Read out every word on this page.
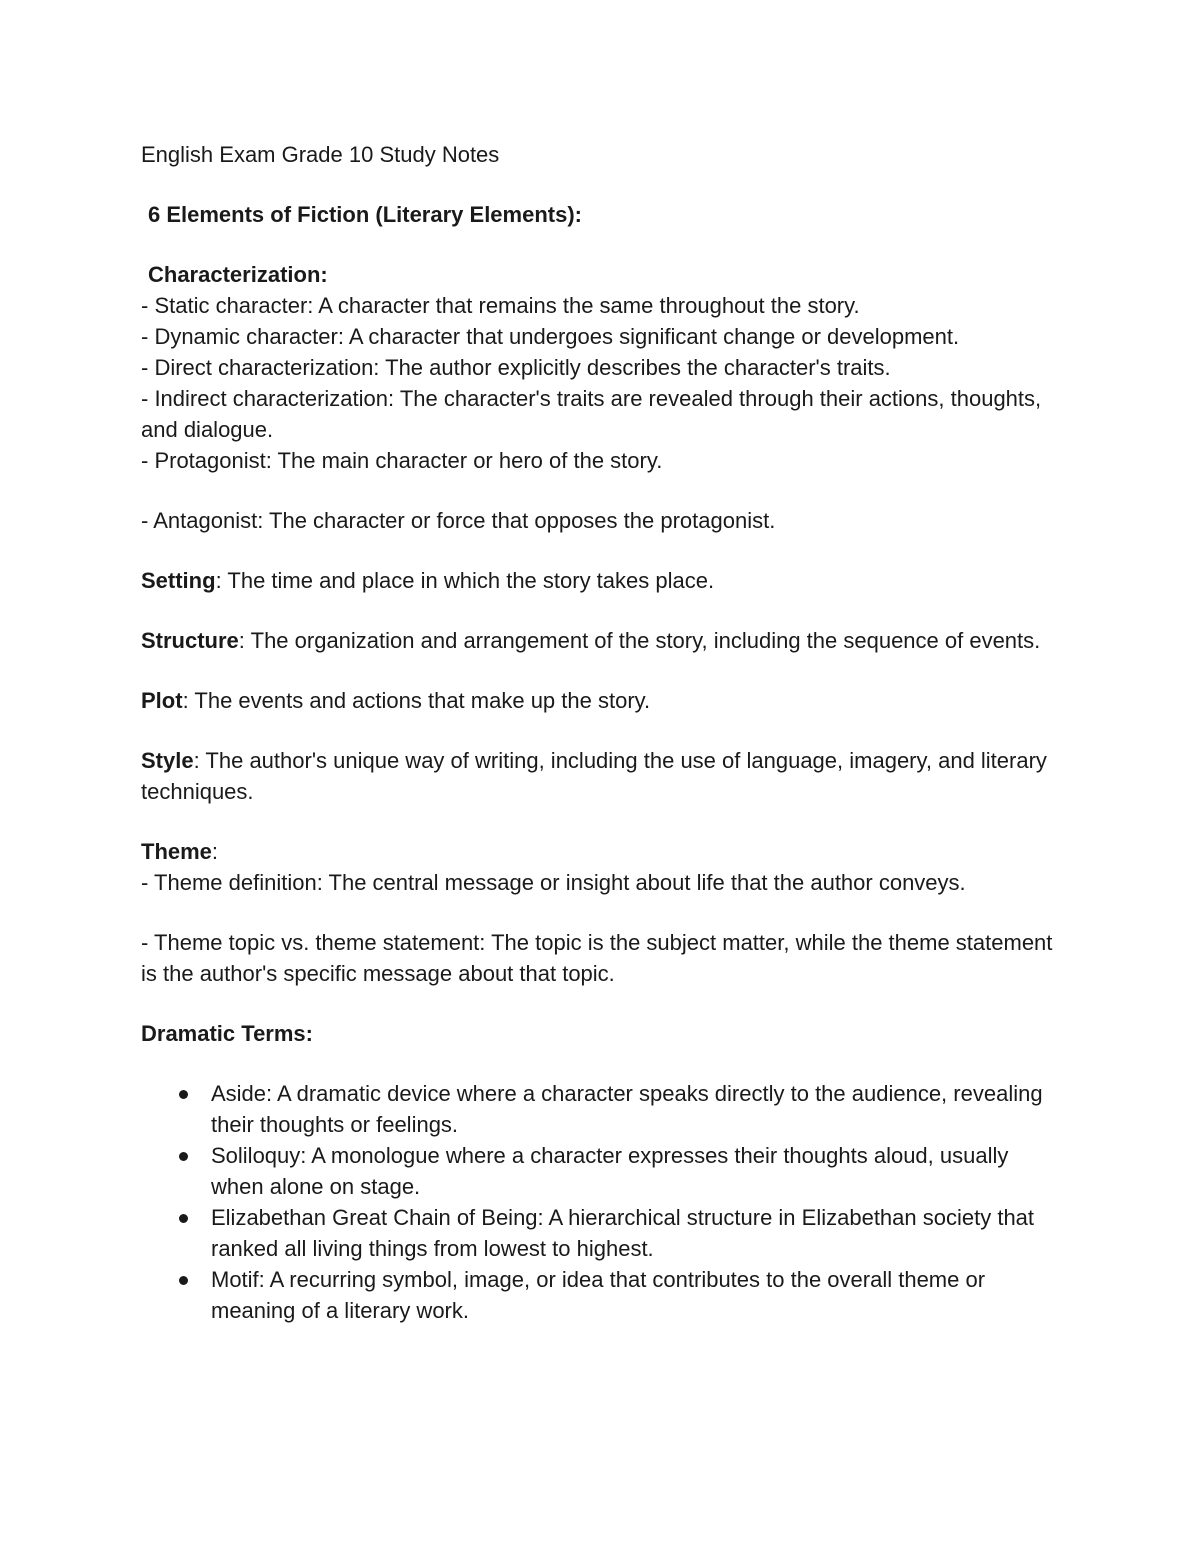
English Exam Grade 10 Study Notes
6 Elements of Fiction (Literary Elements):
Characterization:
- Static character: A character that remains the same throughout the story.
- Dynamic character: A character that undergoes significant change or development.
- Direct characterization: The author explicitly describes the character's traits.
- Indirect characterization: The character's traits are revealed through their actions, thoughts, and dialogue.
- Protagonist: The main character or hero of the story.
- Antagonist: The character or force that opposes the protagonist.
Setting: The time and place in which the story takes place.
Structure: The organization and arrangement of the story, including the sequence of events.
Plot: The events and actions that make up the story.
Style: The author's unique way of writing, including the use of language, imagery, and literary techniques.
Theme:
- Theme definition: The central message or insight about life that the author conveys.
- Theme topic vs. theme statement: The topic is the subject matter, while the theme statement is the author's specific message about that topic.
Dramatic Terms:
Aside: A dramatic device where a character speaks directly to the audience, revealing their thoughts or feelings.
Soliloquy: A monologue where a character expresses their thoughts aloud, usually when alone on stage.
Elizabethan Great Chain of Being: A hierarchical structure in Elizabethan society that ranked all living things from lowest to highest.
Motif: A recurring symbol, image, or idea that contributes to the overall theme or meaning of a literary work.
